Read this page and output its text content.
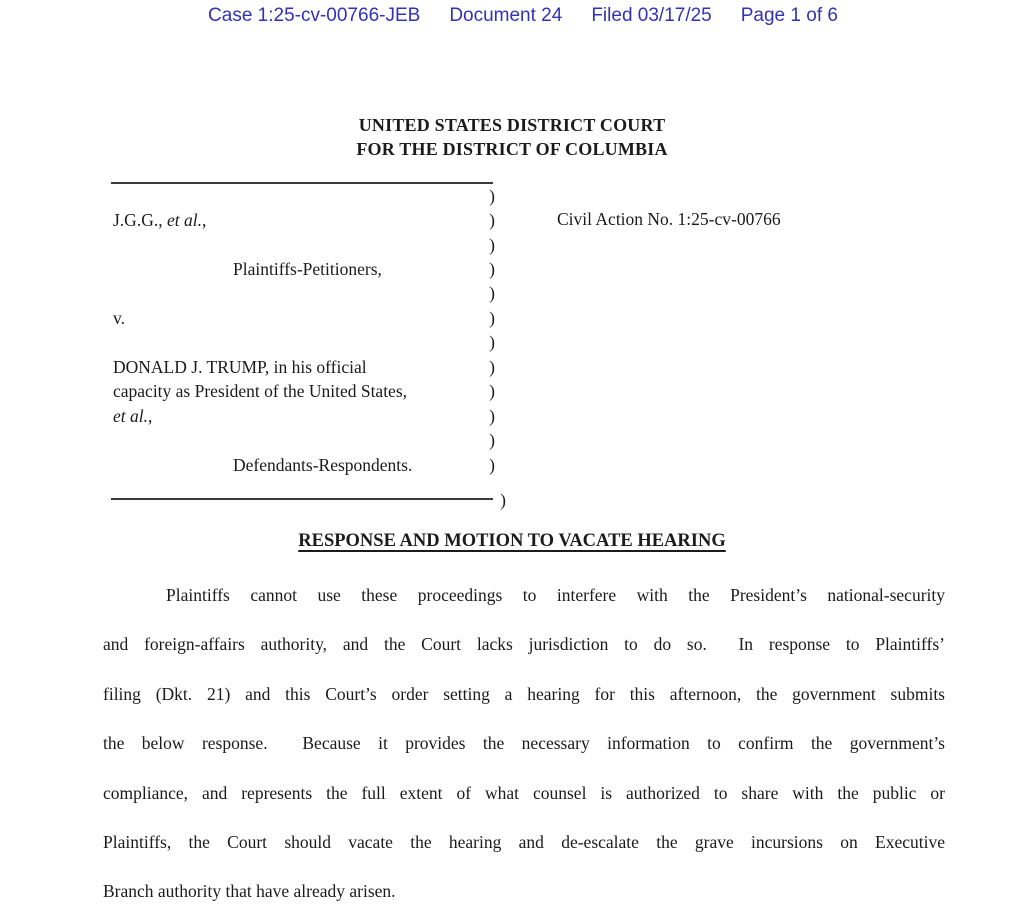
Case 1:25-cv-00766-JEB Document 24 Filed 03/17/25 Page 1 of 6
UNITED STATES DISTRICT COURT
FOR THE DISTRICT OF COLUMBIA
)
J.G.G., et al.,	)
)
Plaintiffs-Petitioners,	)
)
v.	)
)
DONALD J. TRUMP, in his official	)
capacity as President of the United States,	)
et al.,	)
)
Defendants-Respondents.	)
)
Civil Action No. 1:25-cv-00766
RESPONSE AND MOTION TO VACATE HEARING
Plaintiffs cannot use these proceedings to interfere with the President’s national-security
and foreign-affairs authority, and the Court lacks jurisdiction to do so.  In response to Plaintiffs’
filing (Dkt. 21) and this Court’s order setting a hearing for this afternoon, the government submits
the below response.  Because it provides the necessary information to confirm the government’s
compliance, and represents the full extent of what counsel is authorized to share with the public or
Plaintiffs, the Court should vacate the hearing and de-escalate the grave incursions on Executive
Branch authority that have already arisen.
